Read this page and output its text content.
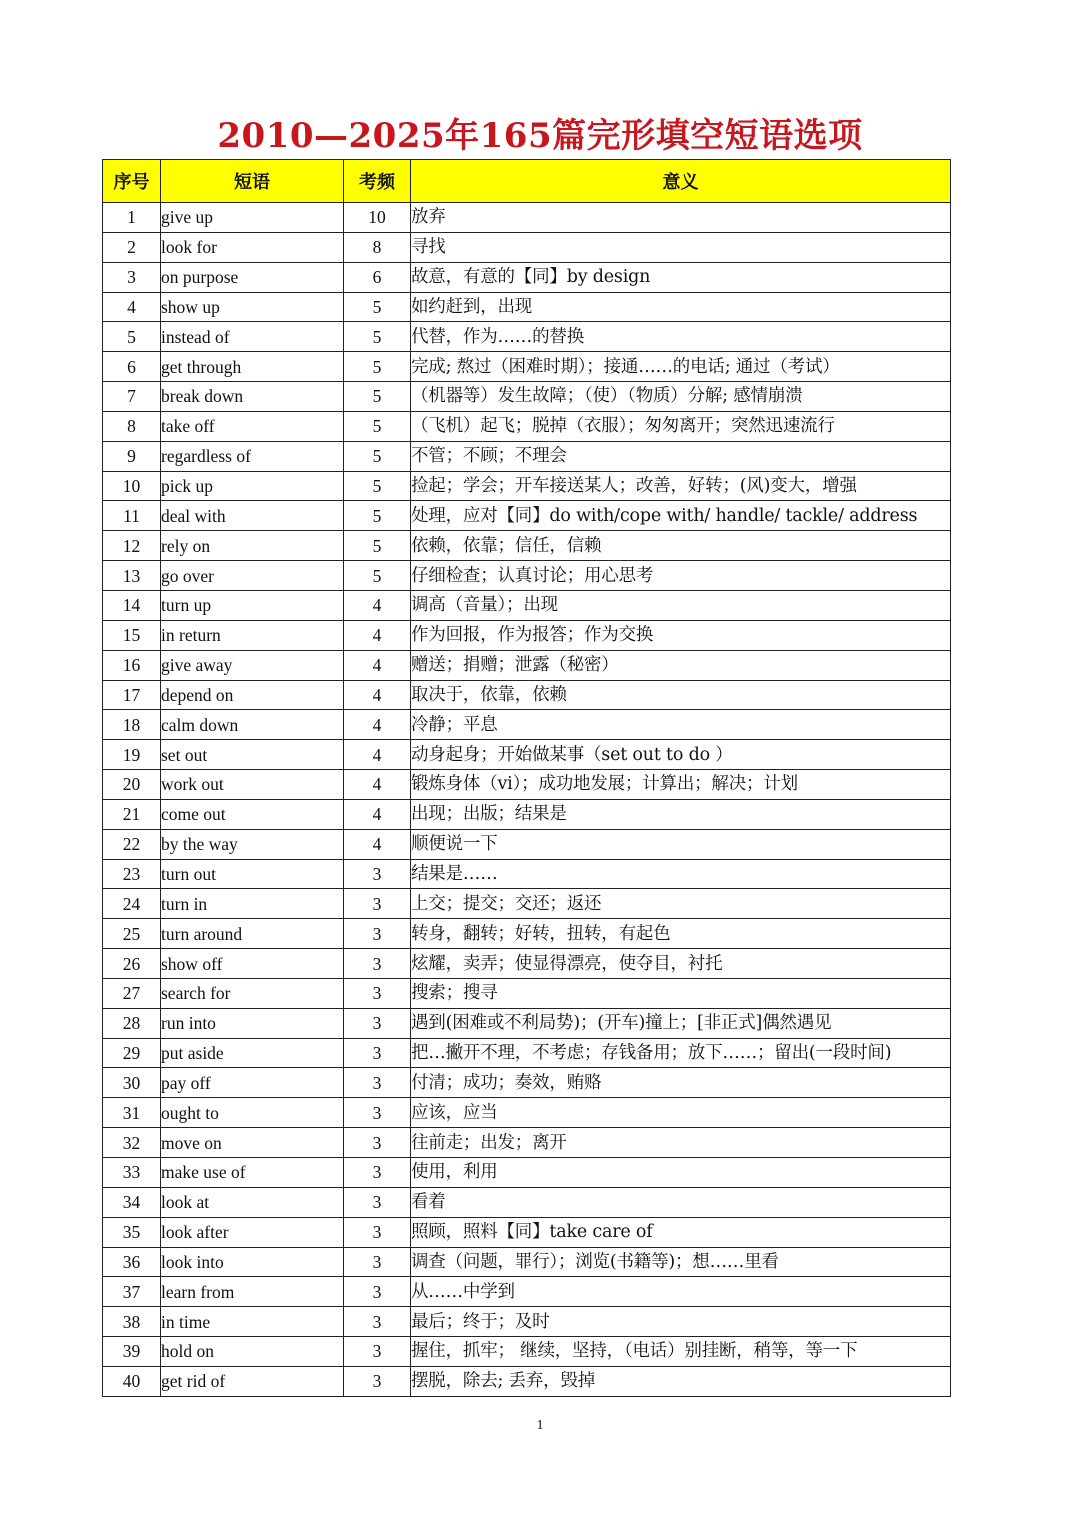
2010—2025年165篇完形填空短语选项
序号	短语	考频	意义
1	give up	10	放弃
2	look for	8	寻找
3	on purpose	6	故意，有意的【同】by design
4	show up	5	如约赶到，出现
5	instead of	5	代替，作为……的替换
6	get through	5	完成; 熬过（困难时期）；接通……的电话; 通过（考试）
7	break down	5	（机器等）发生故障；（使）（物质）分解; 感情崩溃
8	take off	5	（飞机）起飞；脱掉（衣服）；匆匆离开；突然迅速流行
9	regardless of	5	不管；不顾；不理会
10	pick up	5	捡起；学会；开车接送某人；改善，好转；(风)变大，增强
11	deal with	5	处理，应对【同】do with/cope with/ handle/ tackle/ address
12	rely on	5	依赖，依靠；信任，信赖
13	go over	5	仔细检查；认真讨论；用心思考
14	turn up	4	调高（音量）；出现
15	in return	4	作为回报，作为报答；作为交换
16	give away	4	赠送；捐赠；泄露（秘密）
17	depend on	4	取决于，依靠，依赖
18	calm down	4	冷静；平息
19	set out	4	动身起身；开始做某事（set out to do ）
20	work out	4	锻炼身体（vi）；成功地发展；计算出；解决；计划
21	come out	4	出现；出版；结果是
22	by the way	4	顺便说一下
23	turn out	3	结果是……
24	turn in	3	上交；提交；交还；返还
25	turn around	3	转身，翻转；好转，扭转，有起色
26	show off	3	炫耀，卖弄；使显得漂亮，使夺目，衬托
27	search for	3	搜索；搜寻
28	run into	3	遇到(困难或不利局势)；(开车)撞上；[非正式]偶然遇见
29	put aside	3	把…撇开不理，不考虑；存钱备用；放下……；留出(一段时间)
30	pay off	3	付清；成功；奏效，贿赂
31	ought to	3	应该，应当
32	move on	3	往前走；出发；离开
33	make use of	3	使用，利用
34	look at	3	看着
35	look after	3	照顾，照料【同】take care of
36	look into	3	调查（问题，罪行）；浏览(书籍等)；想……里看
37	learn from	3	从……中学到
38	in time	3	最后；终于；及时
39	hold on	3	握住，抓牢； 继续，坚持，（电话）别挂断，稍等，等一下
40	get rid of	3	摆脱，除去; 丢弃，毁掉
1
